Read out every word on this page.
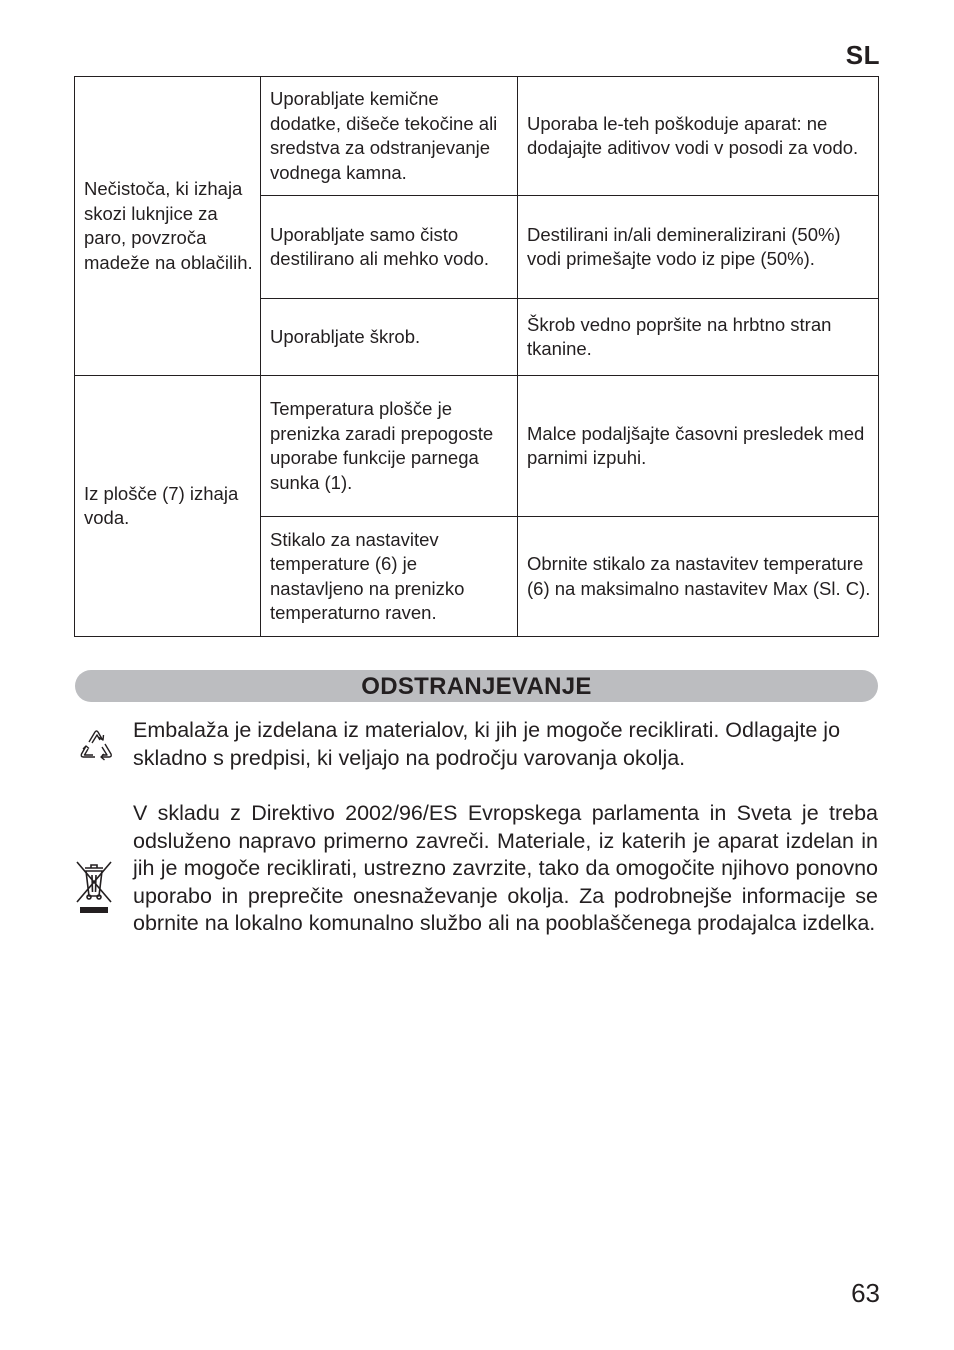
SL
Nečistoča, ki izhaja skozi luknjice za paro, povzroča madeže na oblačilih.	Uporabljate kemične dodatke, dišeče tekočine ali sredstva za odstranjevanje vodnega kamna.	Uporaba le-teh poškoduje aparat: ne dodajajte aditivov vodi v posodi za vodo.
	Uporabljate samo čisto destilirano ali mehko vodo.	Destilirani in/ali demineralizirani (50%) vodi primešajte vodo iz pipe (50%).
	Uporabljate škrob.	Škrob vedno popršite na hrbtno stran tkanine.
Iz plošče (7) izhaja voda.	Temperatura plošče je prenizka zaradi prepogoste uporabe funkcije parnega sunka (1).	Malce podaljšajte časovni presledek med parnimi izpuhi.
	Stikalo za nastavitev temperature (6) je nastavljeno na prenizko temperaturno raven.	Obrnite stikalo za nastavitev temperature (6) na maksimalno nastavitev Max (Sl. C).
ODSTRANJEVANJE
Embalaža je izdelana iz materialov, ki jih je mogoče reciklirati. Odlagajte jo skladno s predpisi, ki veljajo na področju varovanja okolja.
V skladu z Direktivo 2002/96/ES Evropskega parlamenta in Sveta je treba odsluženo napravo primerno zavreči. Materiale, iz katerih je aparat izdelan in jih je mogoče reciklirati, ustrezno zavrzite, tako da omogočite njihovo ponovno uporabo in preprečite onesnaževanje okolja. Za podrobnejše informacije se obrnite na lokalno komunalno službo ali na pooblaščenega prodajalca izdelka.
63
